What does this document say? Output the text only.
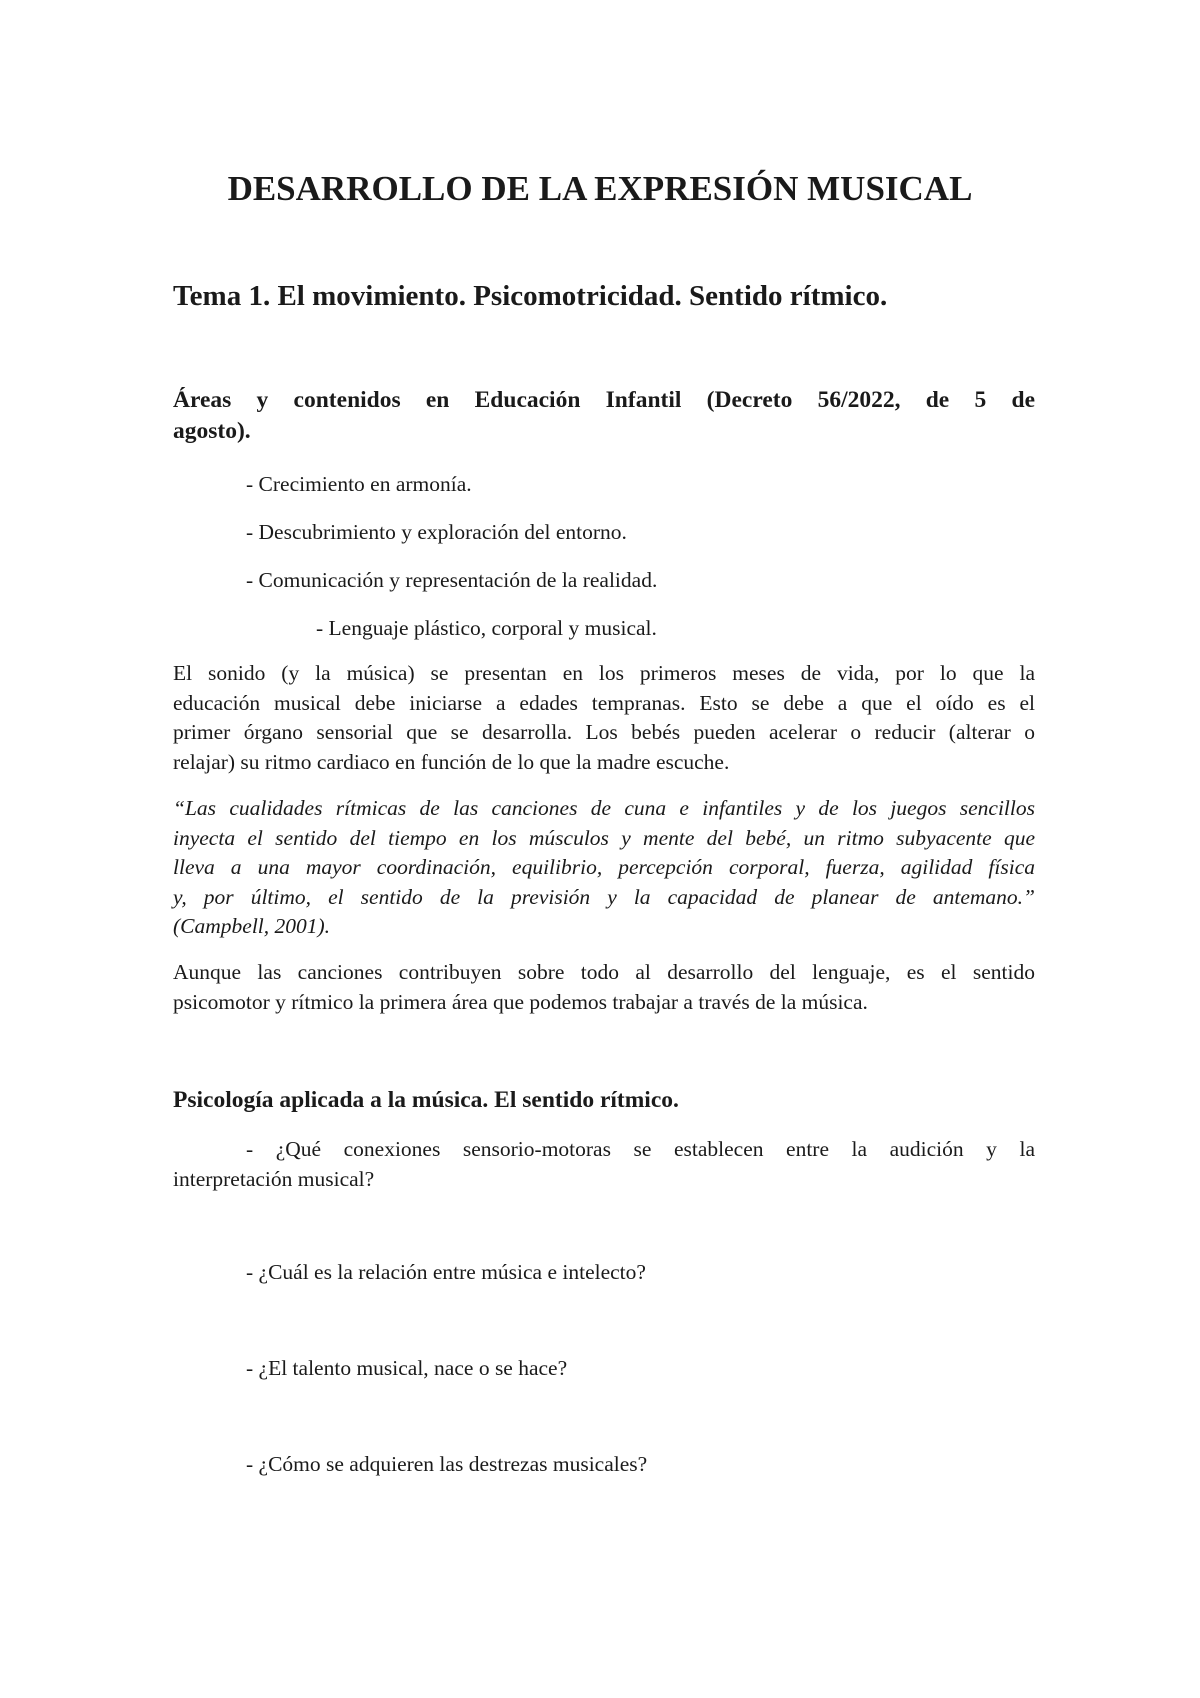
DESARROLLO DE LA EXPRESIÓN MUSICAL
Tema 1. El movimiento. Psicomotricidad. Sentido rítmico.
Áreas y contenidos en Educación Infantil (Decreto 56/2022, de 5 de
agosto).

- Crecimiento en armonía.

- Descubrimiento y exploración del entorno.

- Comunicación y representación de la realidad.

- Lenguaje plástico, corporal y musical.

El sonido (y la música) se presentan en los primeros meses de vida, por lo que la
educación musical debe iniciarse a edades tempranas. Esto se debe a que el oído es el
primer órgano sensorial que se desarrolla. Los bebés pueden acelerar o reducir (alterar o
relajar) su ritmo cardiaco en función de lo que la madre escuche.
“Las cualidades rítmicas de las canciones de cuna e infantiles y de los juegos sencillos
inyecta el sentido del tiempo en los músculos y mente del bebé, un ritmo subyacente que
lleva a una mayor coordinación, equilibrio, percepción corporal, fuerza, agilidad física
y, por último, el sentido de la previsión y la capacidad de planear de antemano.”
(Campbell, 2001).
Aunque las canciones contribuyen sobre todo al desarrollo del lenguaje, es el sentido
psicomotor y rítmico la primera área que podemos trabajar a través de la música.
Psicología aplicada a la música. El sentido rítmico.
- ¿Qué conexiones sensorio-motoras se establecen entre la audición y la
interpretación musical?

- ¿Cuál es la relación entre música e intelecto?

- ¿El talento musical, nace o se hace?

- ¿Cómo se adquieren las destrezas musicales?
